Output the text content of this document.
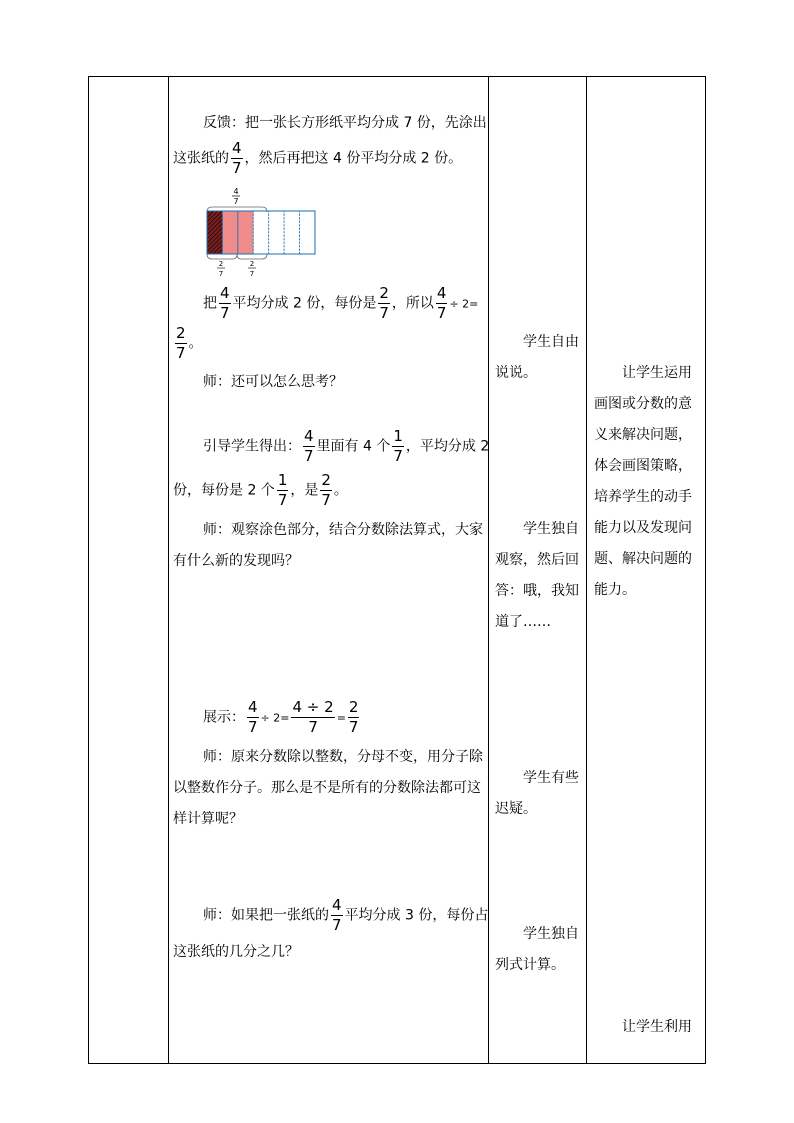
反馈：把一张长方形纸平均分成 7 份，先涂出
这张纸的 $\frac{4}{7}$ ，然后再把这 4 份平均分成 2 份。
4
7
2
7
2
7
把 $\frac{4}{7}$ 平均分成 2 份，每份是 $\frac{2}{7}$ ，所以 $\frac{4}{7} \div 2=$
$\frac{2}{7}$ 。
师：还可以怎么思考？
引导学生得出： $\frac{4}{7}$ 里面有 4 个 $\frac{1}{7}$ ，平均分成 2
份，每份是 2 个 $\frac{1}{7}$ ，是 $\frac{2}{7}$ 。
师：观察涂色部分，结合分数除法算式，大家
有什么新的发现吗？
展示： $\frac{4}{7} \div 2= \frac{4 \div 2}{7} = \frac{2}{7}$
师：原来分数除以整数，分母不变，用分子除
以整数作分子。那么是不是所有的分数除法都可这
样计算呢？
师：如果把一张纸的 $\frac{4}{7}$ 平均分成 3 份，每份占
这张纸的几分之几？
学生自由
说说。
学生独自
观察，然后回
答：哦，我知
道了……
学生有些
迟疑。
学生独自
列式计算。
让学生运用
画图或分数的意
义来解决问题，
体会画图策略，
培养学生的动手
能力以及发现问
题、解决问题的
能力。
让学生利用
